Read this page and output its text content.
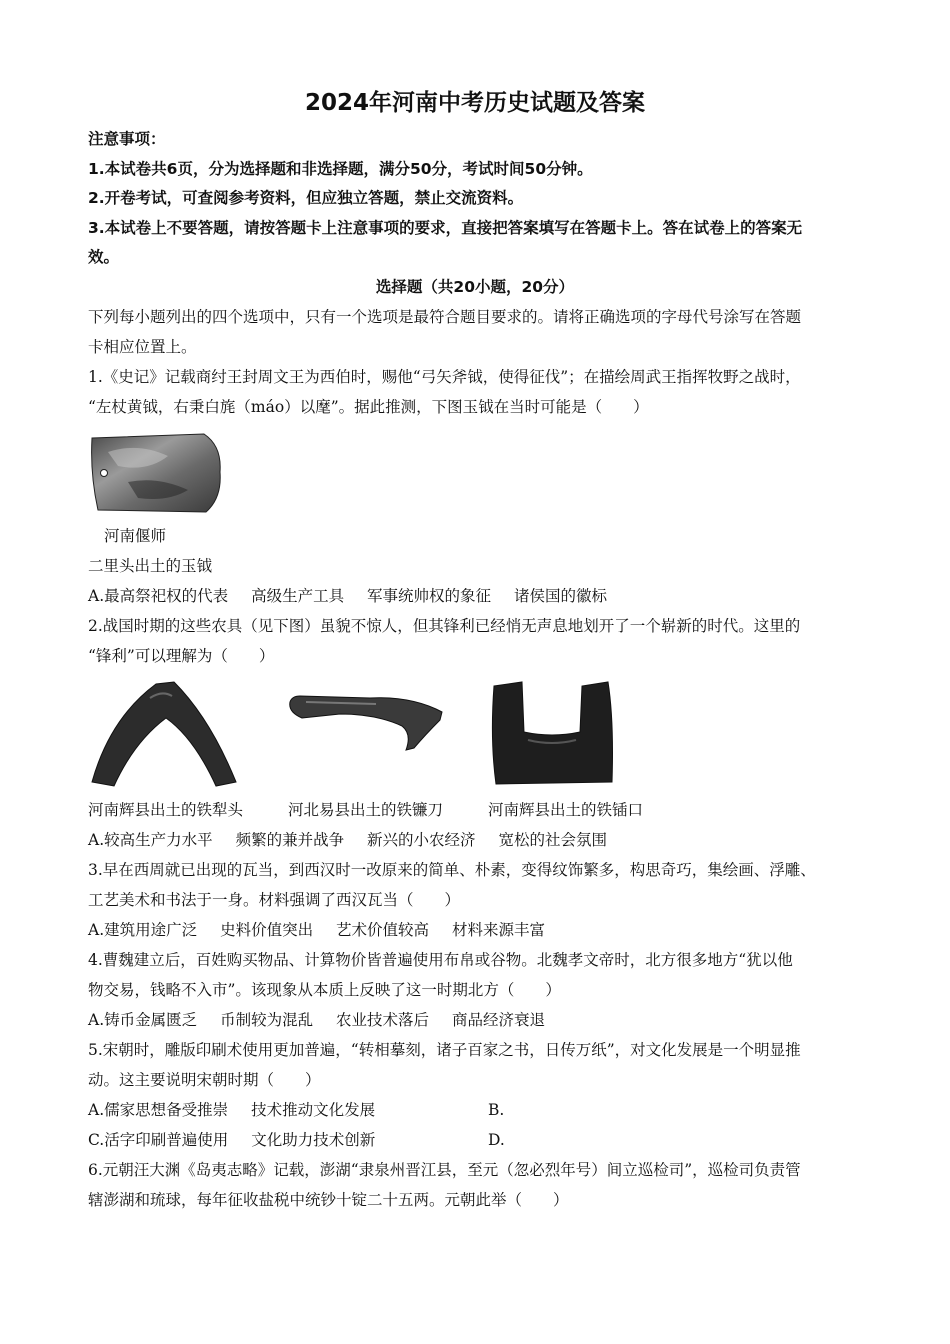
2024年河南中考历史试题及答案
注意事项：
1.本试卷共6页，分为选择题和非选择题，满分50分，考试时间50分钟。
2.开卷考试，可查阅参考资料，但应独立答题，禁止交流资料。
3.本试卷上不要答题，请按答题卡上注意事项的要求，直接把答案填写在答题卡上。答在试卷上的答案无
效。
选择题（共20小题，20分）
下列每小题列出的四个选项中，只有一个选项是最符合题目要求的。请将正确选项的字母代号涂写在答题
卡相应位置上。
1.《史记》记载商纣王封周文王为西伯时，赐他“弓矢斧钺，使得征伐”；在描绘周武王指挥牧野之战时，
“左杖黄钺，右秉白旄（máo）以麾”。据此推测，下图玉钺在当时可能是（　　）
河南偃师
二里头出土的玉钺
A.最高祭祀权的代表 高级生产工具 军事统帅权的象征 诸侯国的徽标
2.战国时期的这些农具（见下图）虽貌不惊人，但其锋利已经悄无声息地划开了一个崭新的时代。这里的
“锋利”可以理解为（　　）
河南辉县出土的铁犁头	河北易县出土的铁镰刀	河南辉县出土的铁锸口
A.较高生产力水平 频繁的兼并战争 新兴的小农经济 宽松的社会氛围
3.早在西周就已出现的瓦当，到西汉时一改原来的简单、朴素，变得纹饰繁多，构思奇巧，集绘画、浮雕、
工艺美术和书法于一身。材料强调了西汉瓦当（　　）
A.建筑用途广泛 史料价值突出 艺术价值较高 材料来源丰富
4.曹魏建立后，百姓购买物品、计算物价皆普遍使用布帛或谷物。北魏孝文帝时，北方很多地方“犹以他
物交易，钱略不入市”。该现象从本质上反映了这一时期北方（　　）
A.铸币金属匮乏 币制较为混乱 农业技术落后 商品经济衰退
5.宋朝时，雕版印刷术使用更加普遍，“转相摹刻，诸子百家之书，日传万纸”，对文化发展是一个明显推
动。这主要说明宋朝时期（　　）
A.儒家思想备受推崇 技术推动文化发展	B.
C.活字印刷普遍使用 文化助力技术创新	D.
6.元朝汪大渊《岛夷志略》记载，澎湖“隶泉州晋江县，至元（忽必烈年号）间立巡检司”，巡检司负责管
辖澎湖和琉球，每年征收盐税中统钞十锭二十五两。元朝此举（　　）
